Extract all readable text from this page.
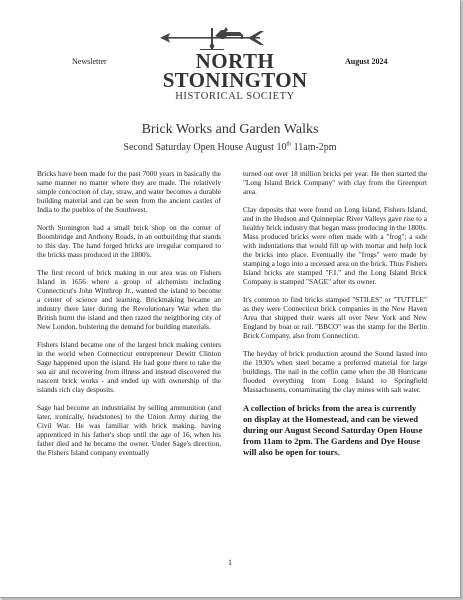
Newsletter	August 2024
NORTH
STONINGTON
HISTORICAL SOCIETY
Brick Works and Garden Walks
Second Saturday Open House August 10th 11am-2pm

Bricks have been made for the past 7000 years in basically the same manner no matter where they are made. The relatively simple concoction of clay, straw, and water becomes a durable building material and can be seen from the ancient castles of India to the pueblos of the Southwest.

North Stonington had a small brick shop on the corner of Boombridge and Anthony Roads, in an outbuilding that stands to this day. The hand forged bricks are irregular compared to the bricks mass produced in the 1800's.

The first record of brick making in our area was on Fishers Island in 1656 where a group of alchemists including Connecticut's John Winthrop Jr., wanted the island to become a center of science and learning. Brickmaking became an industry there later during the Revolutionary War when the British burnt the island and then razed the neighboring city of New London, bolstering the demand for building materials.

Fishers Island became one of the largest brick making centers in the world when Connecticut entrepreneur Dewitt Clinton Sage happened upon the island. He had gone there to take the sea air and recovering from illness and instead discovered the nascent brick works - and ended up with ownership of the islands rich clay desposits.

Sage had become an industrialist by selling ammunition (and later, ironically, headstones) to the Union Army during the Civil War. He was familiar with brick making, having apprenticed in his father's shop until the age of 16, when his father died and he became the owner. Under Sage's direction, the Fishers Island company eventually

turned out over 18 million bricks per year. He then started the "Long Island Brick Company" with clay from the Greenport area.

Clay deposits that were found on Long Island, Fishers Island, and in the Hudson and Quinnepiac River Valleys gave rise to a healthy brick industry that began mass producing in the 1800s. Mass produced bricks were often made with a "frog"; a side with indentations that would fill up with mortar and help lock the bricks into place. Eventually the "frogs" were made by stamping a logo into a recessed area on the brick. Thus Fishers Island bricks are stamped "F.I." and the Long Island Brick Company is stamped "SAGE" after its owner.

It's common to find bricks stamped "STILES" or "TUTTLE" as they were Connecticut brick companies in the New Haven Area that shipped their wares all over New York and New England by boat or rail. "BBCO" was the stamp for the Berlin Brick Company, also from Connecticut.

The heyday of brick production around the Sound lasted into the 1930's when steel became a preferred material for large buildings. The nail in the coffin came when the 38 Hurricane flooded everything from Long Island to Springfield Massachusetts, contaminating the clay mines with salt water.

A collection of bricks from the area is currently on display at the Homestead, and can be viewed during our August Second Saturday Open House from 11am to 2pm. The Gardens and Dye House will also be open for tours.

1
